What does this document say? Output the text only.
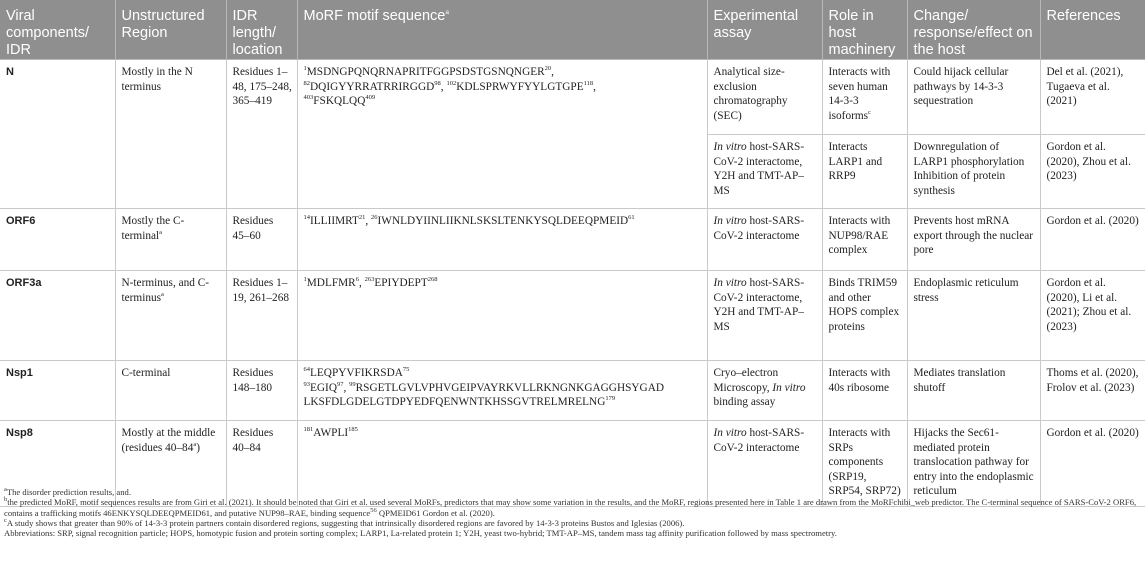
Viral components/ IDR	Unstructured Region	IDR length/ location	MoRF motif sequence$^a$	Experimental assay	Role in host machinery	Change/ response/effect on the host	References
N	Mostly in the N terminus	Residues 1–48, 175–248, 365–419	$^1$MSDNGPQNQRNAPRITFGGPSDSTGSNQNGER$^{20}$,
$^{82}$DQIGYYRRATRRIRGGD$^{98}$, $^{102}$KDLSPRWYFYYLGTGPE$^{118}$,
$^{403}$FSKQLQQ$^{409}$	Analytical size-exclusion chromatography (SEC)	Interacts with seven human 14-3-3 isoforms$^c$	Could hijack cellular pathways by 14-3-3 sequestration	Del et al. (2021), Tugaeva et al. (2021)
				In vitro host-SARS-CoV-2 interactome, Y2H and TMT-AP–MS	Interacts LARP1 and RRP9	Downregulation of LARP1 phosphorylation Inhibition of protein synthesis	Gordon et al. (2020), Zhou et al. (2023)
ORF6	Mostly the C-terminal$^a$	Residues 45–60	$^{14}$ILLIIMRT$^{21}$, $^{26}$IWNLDYIINLIIKNLSKSLTENKYSQLDEEQPMEID$^{61}$	In vitro host-SARS-CoV-2 interactome	Interacts with NUP98/RAE complex	Prevents host mRNA export through the nuclear pore	Gordon et al. (2020)
ORF3a	N-terminus, and C-terminus$^a$	Residues 1–19, 261–268	$^1$MDLFMR$^6$, $^{263}$EPIYDEPT$^{268}$	In vitro host-SARS-CoV-2 interactome, Y2H and TMT-AP–MS	Binds TRIM59 and other HOPS complex proteins	Endoplasmic reticulum stress	Gordon et al. (2020), Li et al. (2021); Zhou et al. (2023)
Nsp1	C-terminal	Residues 148–180	$^{64}$LEQPYVFIKRSDA$^{75}$
$^{93}$EGIQ$^{97}$, $^{99}$RSGETLGVLVPHVGEIPVAYRKVLLRKNGNKGAGGHSYGAD LKSFDLGDELGTDPYEDFQENWNTKHSSGVTRELMRELNG$^{179}$	Cryo–electron Microscopy, In vitro binding assay	Interacts with 40s ribosome	Mediates translation shutoff	Thoms et al. (2020), Frolov et al. (2023)
Nsp8	Mostly at the middle (residues 40–84$^a$)	Residues 40–84	$^{181}$AWPLI$^{185}$	In vitro host-SARS-CoV-2 interactome	Interacts with SRPs components (SRP19, SRP54, SRP72)	Hijacks the Sec61-mediated protein translocation pathway for entry into the endoplasmic reticulum	Gordon et al. (2020)
$^a$The disorder prediction results, and.
$^b$the predicted MoRF, motif sequences results are from Giri et al. (2021). It should be noted that Giri et al. used several MoRFs, predictors that may show some variation in the results, and the MoRF, regions presented here in Table 1 are drawn from the MoRFchibi_web predictor. The C-terminal sequence of SARS-CoV-2 ORF6, contains a trafficking motifs 46ENKYSQLDEEQPMEID61, and putative NUP98–RAE, binding sequence$^{56}$ QPMEID61 Gordon et al. (2020).
$^c$A study shows that greater than 90% of 14-3-3 protein partners contain disordered regions, suggesting that intrinsically disordered regions are favored by 14-3-3 proteins Bustos and Iglesias (2006).
Abbreviations: SRP, signal recognition particle; HOPS, homotypic fusion and protein sorting complex; LARP1, La-related protein 1; Y2H, yeast two-hybrid; TMT-AP–MS, tandem mass tag affinity purification followed by mass spectrometry.
